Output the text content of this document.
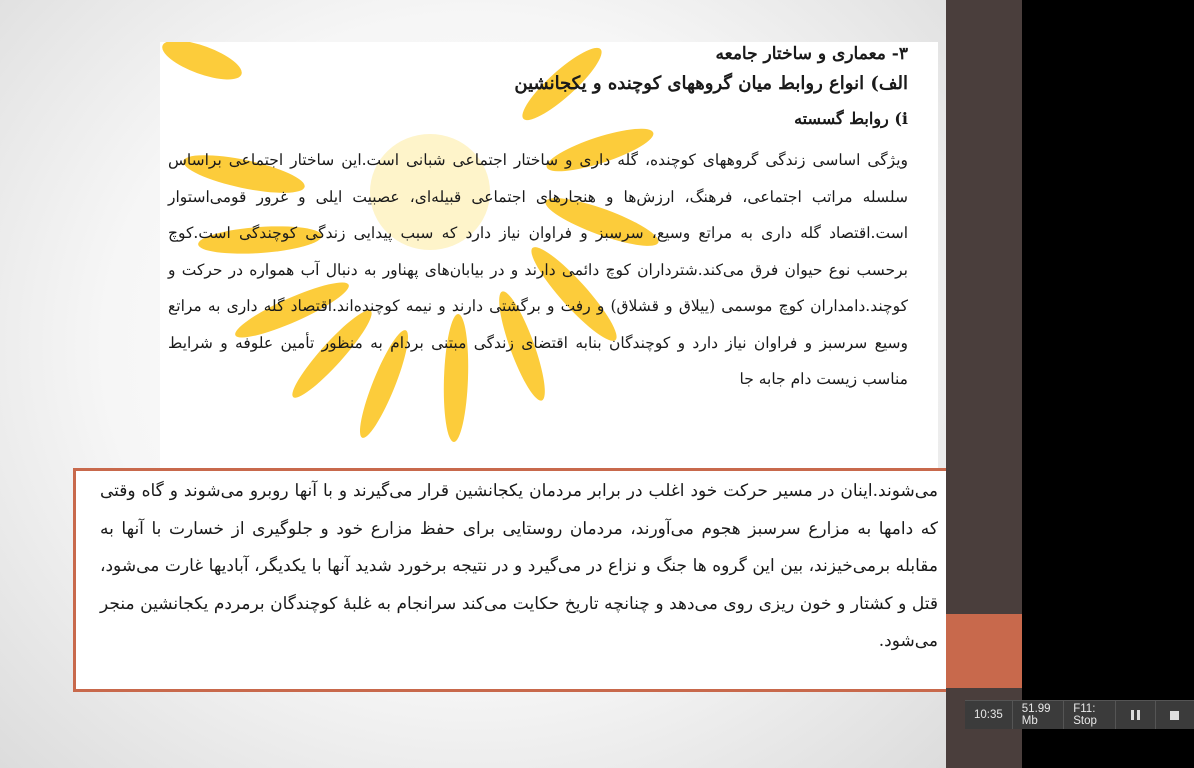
۳- معماری و ساختار جامعه

الف) انواع روابط میان گروههای کوچنده و یکجانشین

i) روابط گسسته

ویژگی اساسی زندگی گروههای کوچنده، گله داری و ساختار اجتماعی شبانی است.این ساختار اجتماعی براساس سلسله مراتب اجتماعی، فرهنگ، ارزش‌ها و هنجارهای اجتماعی قبیله‌ای، عصبیت ایلی و غرور قومی‌استوار است.اقتصاد گله داری به مراتع وسیع، سرسبز و فراوان نیاز دارد که سبب پیدایی زندگی کوچندگی است.کوچ برحسب نوع حیوان فرق می‌کند.شترداران کوچ دائمی دارند و در بیابان‌های پهناور به دنبال آب همواره در حرکت و کوچند.دامداران کوچ موسمی (ییلاق و قشلاق) و رفت و برگشتی دارند و نیمه کوچنده‌اند.اقتصاد گله داری به مراتع وسیع سرسبز و فراوان نیاز دارد و کوچندگان بنابه اقتضای زندگی مبتنی بردام به منظور تأمین علوفه و شرایط مناسب زیست دام جابه جا

می‌شوند.اینان در مسیر حرکت خود اغلب در برابر مردمان یکجانشین قرار می‌گیرند و با آنها روبرو می‌شوند و گاه وقتی که دامها به مزارع سرسبز هجوم می‌آورند، مردمان روستایی برای حفظ مزارع خود و جلوگیری از خسارت با آنها به مقابله برمی‌خیزند، بین این گروه ها جنگ و نزاع در می‌گیرد و در نتیجه برخورد شدید آنها با یکدیگر، آبادیها غارت می‌شود، قتل و کشتار و خون ریزی روی می‌دهد و چنانچه تاریخ حکایت می‌کند سرانجام به غلبهٔ کوچندگان برمردم یکجانشین منجر می‌شود.
10:35	51.99 Mb
F11: Stop
